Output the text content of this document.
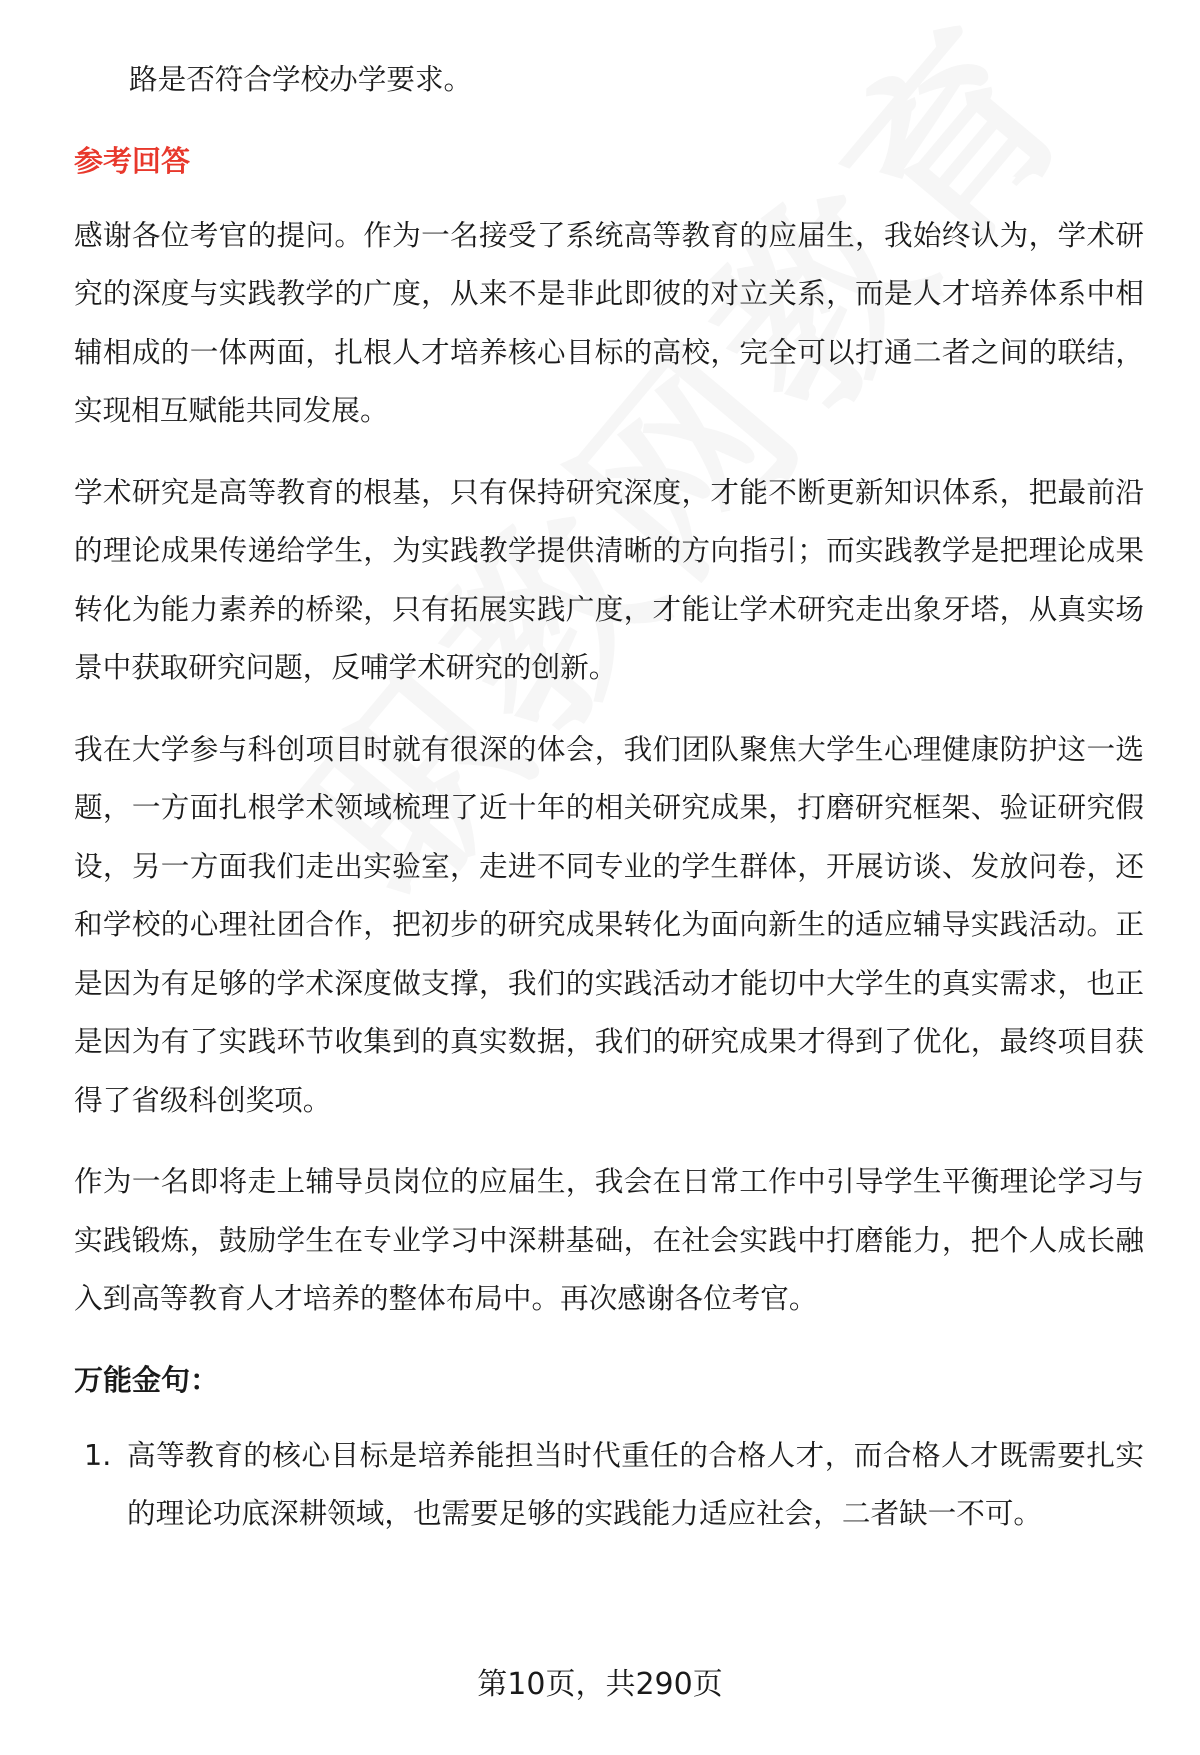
路是否符合学校办学要求。

参考回答

感谢各位考官的提问。作为一名接受了系统高等教育的应届生，我始终认为，学术研究的深度与实践教学的广度，从来不是非此即彼的对立关系，而是人才培养体系中相辅相成的一体两面，扎根人才培养核心目标的高校，完全可以打通二者之间的联结，实现相互赋能共同发展。

学术研究是高等教育的根基，只有保持研究深度，才能不断更新知识体系，把最前沿的理论成果传递给学生，为实践教学提供清晰的方向指引；而实践教学是把理论成果转化为能力素养的桥梁，只有拓展实践广度，才能让学术研究走出象牙塔，从真实场景中获取研究问题，反哺学术研究的创新。

我在大学参与科创项目时就有很深的体会，我们团队聚焦大学生心理健康防护这一选题，一方面扎根学术领域梳理了近十年的相关研究成果，打磨研究框架、验证研究假设，另一方面我们走出实验室，走进不同专业的学生群体，开展访谈、发放问卷，还和学校的心理社团合作，把初步的研究成果转化为面向新生的适应辅导实践活动。正是因为有足够的学术深度做支撑，我们的实践活动才能切中大学生的真实需求，也正是因为有了实践环节收集到的真实数据，我们的研究成果才得到了优化，最终项目获得了省级科创奖项。

作为一名即将走上辅导员岗位的应届生，我会在日常工作中引导学生平衡理论学习与实践锻炼，鼓励学生在专业学习中深耕基础，在社会实践中打磨能力，把个人成长融入到高等教育人才培养的整体布局中。再次感谢各位考官。

万能金句：
1. 高等教育的核心目标是培养能担当时代重任的合格人才，而合格人才既需要扎实的理论功底深耕领域，也需要足够的实践能力适应社会，二者缺一不可。

第10页，共290页
